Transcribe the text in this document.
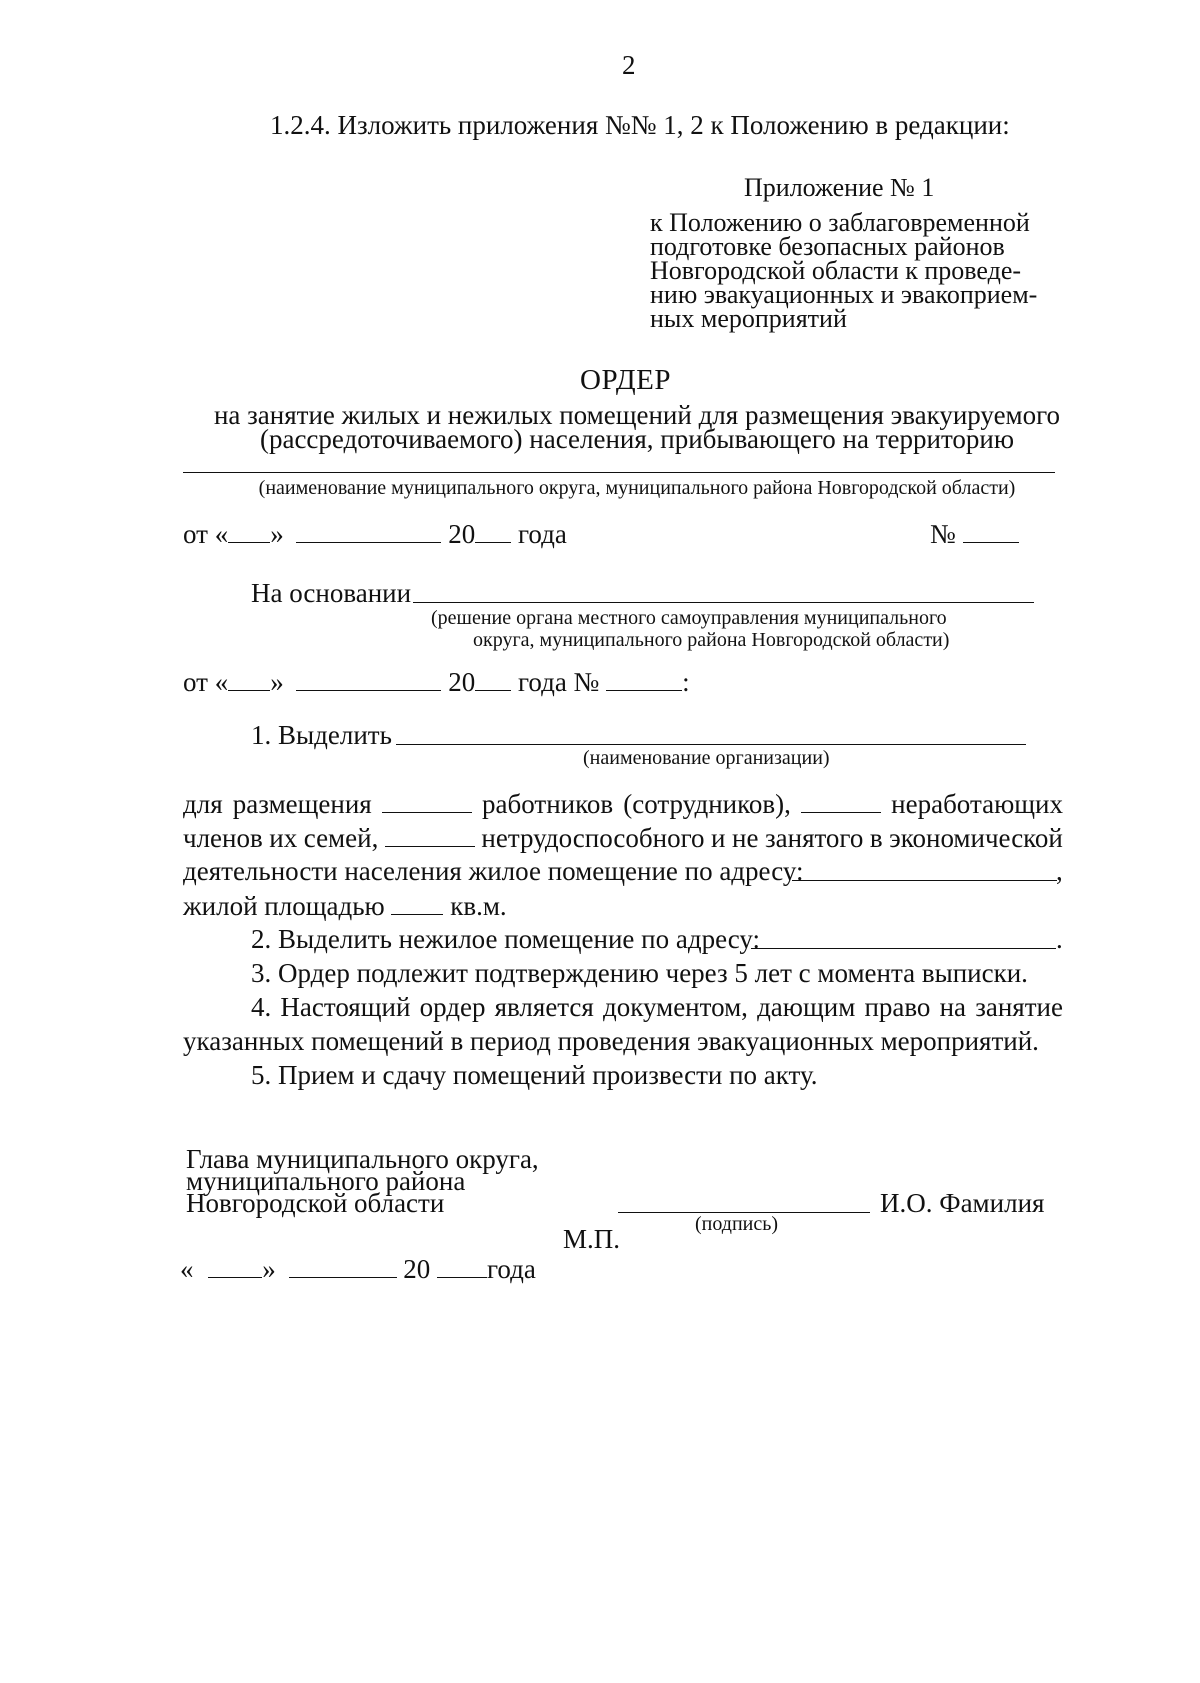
2
1.2.4. Изложить приложения №№ 1, 2 к Положению в редакции:
Приложение № 1
к Положению о заблаговременной
подготовке безопасных районов
Новгородской области к проведе-
нию эвакуационных и эвакоприем-
ных мероприятий
ОРДЕР
на занятие жилых и нежилых помещений для размещения эвакуируемого
(рассредоточиваемого) населения, прибывающего на территорию
(наименование муниципального округа, муниципального района Новгородской области)
от « »	20 года	№
На основании
(решение органа местного самоуправления муниципального
округа, муниципального района Новгородской области)
от « »	20 года №	:
1. Выделить
(наименование организации)
для размещения	работников (сотрудников),	неработающих
членов их семей,	нетрудоспособного и не занятого в экономической
деятельности населения жилое помещение по адресу:	,
жилой площадью кв.м.
2. Выделить нежилое помещение по адресу:	.
3. Ордер подлежит подтверждению через 5 лет с момента выписки.
4. Настоящий ордер является документом, дающим право на занятие
указанных помещений в период проведения эвакуационных мероприятий.
5. Прием и сдачу помещений произвести по акту.
Глава муниципального округа,
муниципального района
Новгородской области	И.О. Фамилия
(подпись)
М.П.
«	»	20 года
